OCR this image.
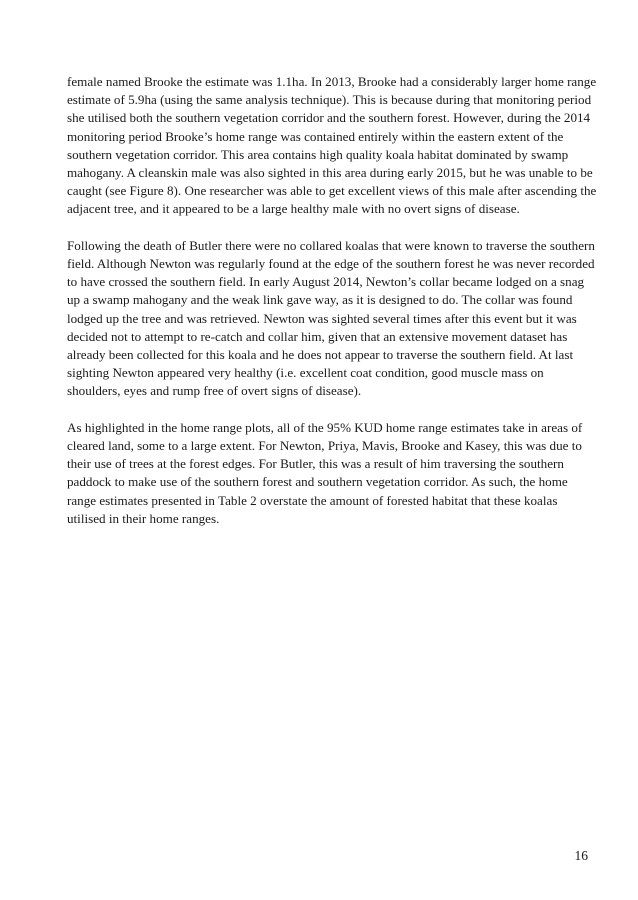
female named Brooke the estimate was 1.1ha. In 2013, Brooke had a considerably larger home range
estimate of 5.9ha (using the same analysis technique). This is because during that monitoring period
she utilised both the southern vegetation corridor and the southern forest. However, during the 2014
monitoring period Brooke’s home range was contained entirely within the eastern extent of the
southern vegetation corridor. This area contains high quality koala habitat dominated by swamp
mahogany. A cleanskin male was also sighted in this area during early 2015, but he was unable to be
caught (see Figure 8). One researcher was able to get excellent views of this male after ascending the
adjacent tree, and it appeared to be a large healthy male with no overt signs of disease.

Following the death of Butler there were no collared koalas that were known to traverse the southern
field. Although Newton was regularly found at the edge of the southern forest he was never recorded
to have crossed the southern field. In early August 2014, Newton’s collar became lodged on a snag
up a swamp mahogany and the weak link gave way, as it is designed to do. The collar was found
lodged up the tree and was retrieved. Newton was sighted several times after this event but it was
decided not to attempt to re-catch and collar him, given that an extensive movement dataset has
already been collected for this koala and he does not appear to traverse the southern field. At last
sighting Newton appeared very healthy (i.e. excellent coat condition, good muscle mass on
shoulders, eyes and rump free of overt signs of disease).

As highlighted in the home range plots, all of the 95% KUD home range estimates take in areas of
cleared land, some to a large extent. For Newton, Priya, Mavis, Brooke and Kasey, this was due to
their use of trees at the forest edges. For Butler, this was a result of him traversing the southern
paddock to make use of the southern forest and southern vegetation corridor. As such, the home
range estimates presented in Table 2 overstate the amount of forested habitat that these koalas
utilised in their home ranges.

16
